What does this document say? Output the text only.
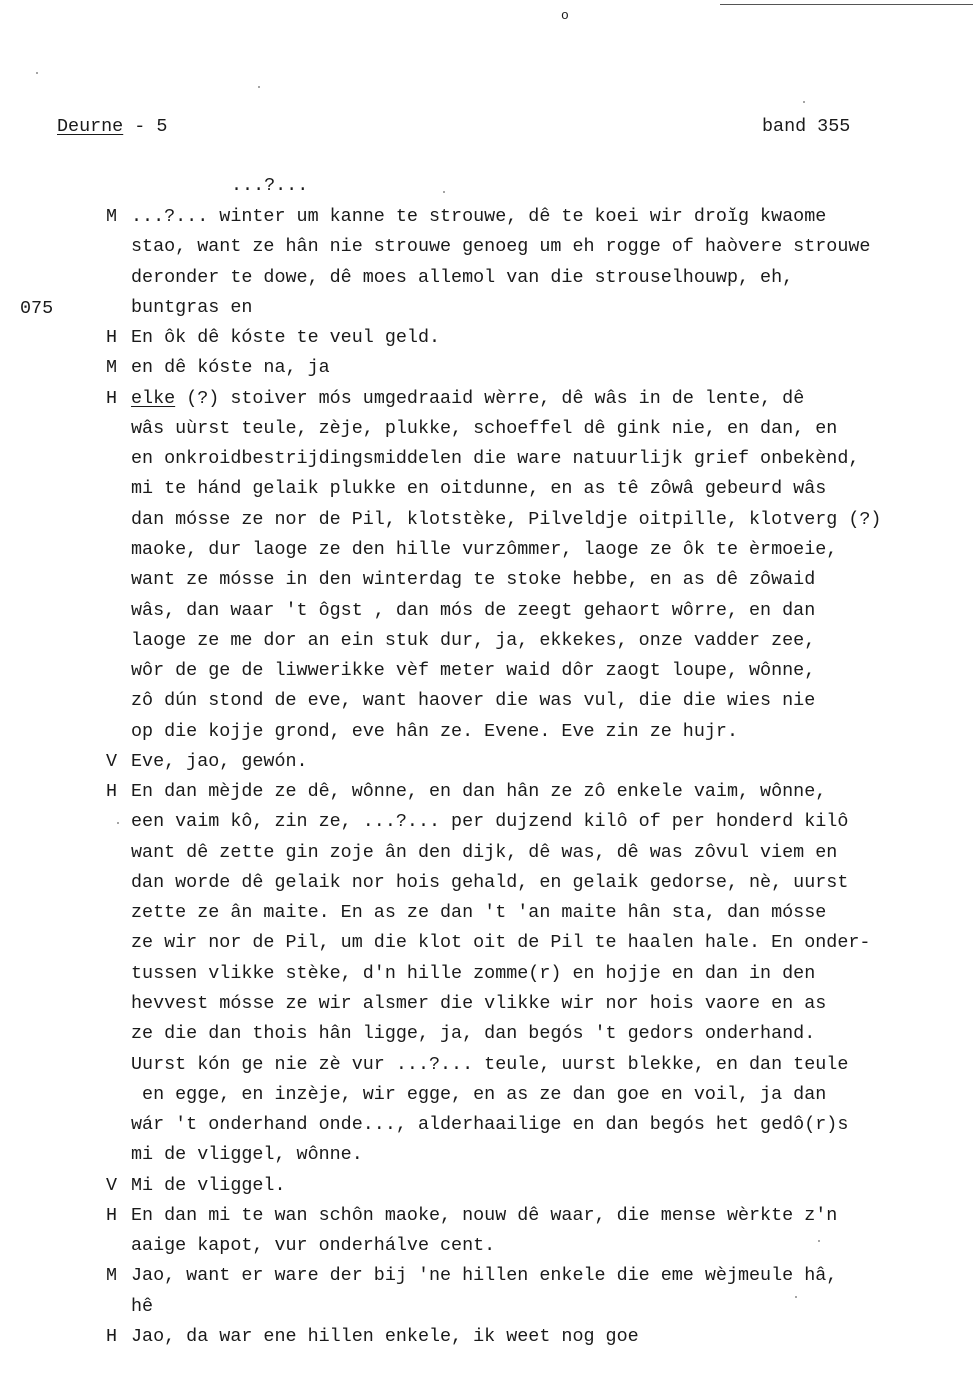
o
Deurne - 5	band 355
...?...
075
M ...?... winter um kanne te strouwe, dê te koei wir droĭg kwaome
stao, want ze hân nie strouwe genoeg um eh rogge of haòvere strouwe
deronder te dowe, dê moes allemol van die strouselhouwp, eh,
buntgras en
H En ôk dê kóste te veul geld.
M en dê kóste na, ja
H elke (?) stoiver mós umgedraaid wèrre, dê wâs in de lente, dê
wâs uùrst teule, zèje, plukke, schoeffel dê gink nie, en dan, en
en onkroidbestrijdingsmiddelen die ware natuurlijk grief onbekènd,
mi te hánd gelaik plukke en oitdunne, en as tê zôwâ gebeurd wâs
dan mósse ze nor de Pil, klotstèke, Pilveldje oitpille, klotverg (?)
maoke, dur laoge ze den hille vurzômmer, laoge ze ôk te èrmoeie,
want ze mósse in den winterdag te stoke hebbe, en as dê zôwaid
wâs, dan waar 't ôgst , dan mós de zeegt gehaort wôrre, en dan
laoge ze me dor an ein stuk dur, ja, ekkekes, onze vadder zee,
wôr de ge de liwwerikke vèf meter waid dôr zaogt loupe, wônne,
zô dún stond de eve, want haover die was vul, die die wies nie
op die kojje grond, eve hân ze. Evene. Eve zin ze hujr.
V Eve, jao, gewón.
H En dan mèjde ze dê, wônne, en dan hân ze zô enkele vaim, wônne,
een vaim kô, zin ze, ...?... per dujzend kilô of per honderd kilô
want dê zette gin zoje ân den dijk, dê was, dê was zôvul viem en
dan worde dê gelaik nor hois gehald, en gelaik gedorse, nè, uurst
zette ze ân maite. En as ze dan 't 'an maite hân sta, dan mósse
ze wir nor de Pil, um die klot oit de Pil te haalen hale. En onder-
tussen vlikke stèke, d'n hille zomme(r) en hojje en dan in den
hevvest mósse ze wir alsmer die vlikke wir nor hois vaore en as
ze die dan thois hân ligge, ja, dan begós 't gedors onderhand.
Uurst kón ge nie zè vur ...?... teule, uurst blekke, en dan teule
en egge, en inzèje, wir egge, en as ze dan goe en voil, ja dan
wár 't onderhand onde..., alderhaailige en dan begós het gedô(r)s
mi de vliggel, wônne.
V Mi de vliggel.
H En dan mi te wan schôn maoke, nouw dê waar, die mense wèrkte z'n
aaige kapot, vur onderhálve cent.
M Jao, want er ware der bij 'ne hillen enkele die eme wèjmeule hâ,
hê
H Jao, da war ene hillen enkele, ik weet nog goe
